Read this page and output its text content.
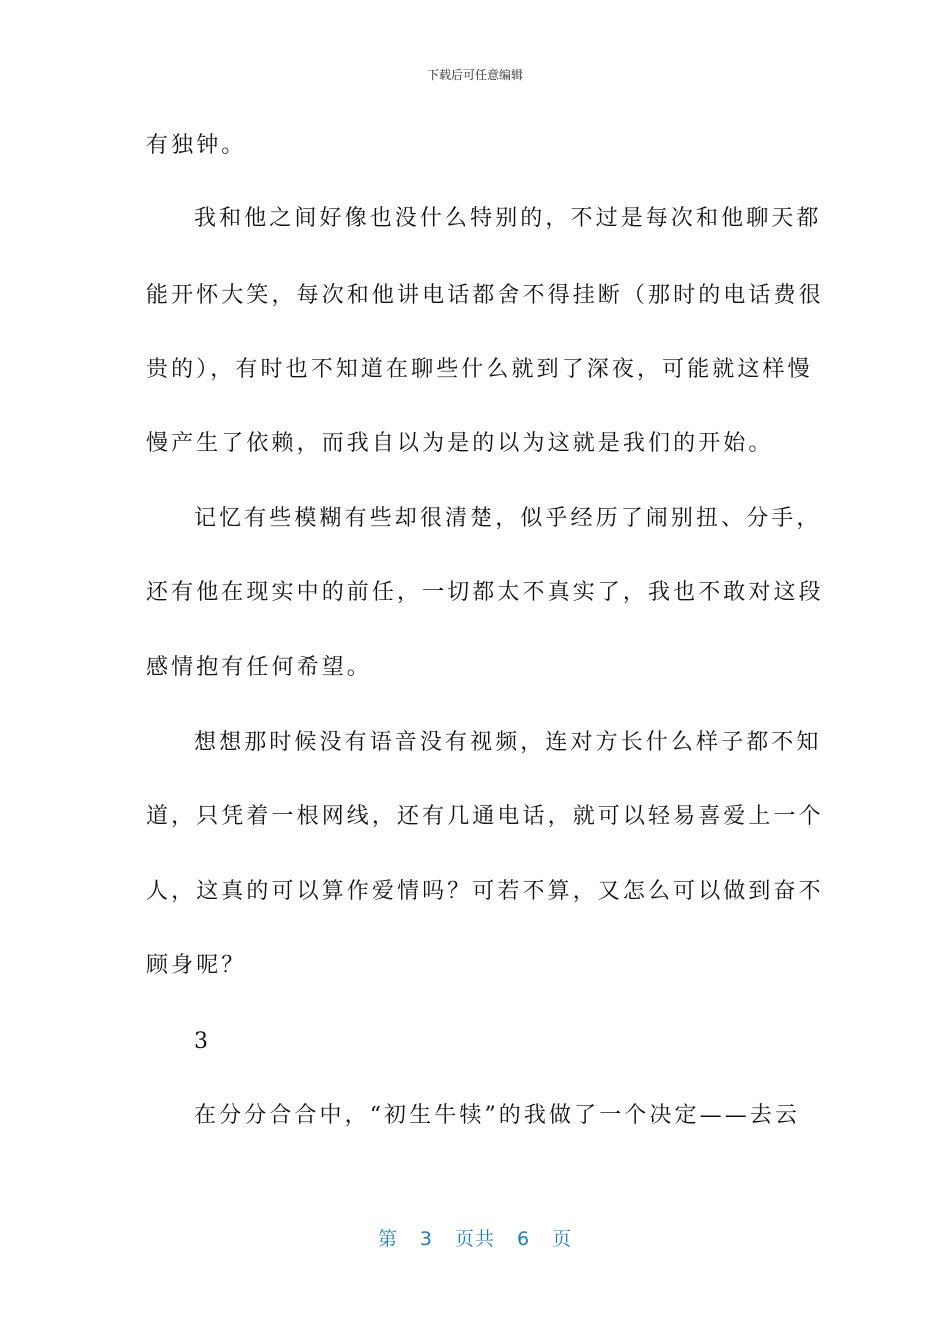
下载后可任意编辑
有独钟。
我和他之间好像也没什么特别的，不过是每次和他聊天都
能开怀大笑，每次和他讲电话都舍不得挂断（那时的电话费很
贵的），有时也不知道在聊些什么就到了深夜，可能就这样慢
慢产生了依赖，而我自以为是的以为这就是我们的开始。
记忆有些模糊有些却很清楚，似乎经历了闹别扭、分手，
还有他在现实中的前任，一切都太不真实了，我也不敢对这段
感情抱有任何希望。
想想那时候没有语音没有视频，连对方长什么样子都不知
道，只凭着一根网线，还有几通电话，就可以轻易喜爱上一个
人，这真的可以算作爱情吗？可若不算，又怎么可以做到奋不
顾身呢？
3
在分分合合中，“初生牛犊”的我做了一个决定——去云
第 3 页共 6 页
